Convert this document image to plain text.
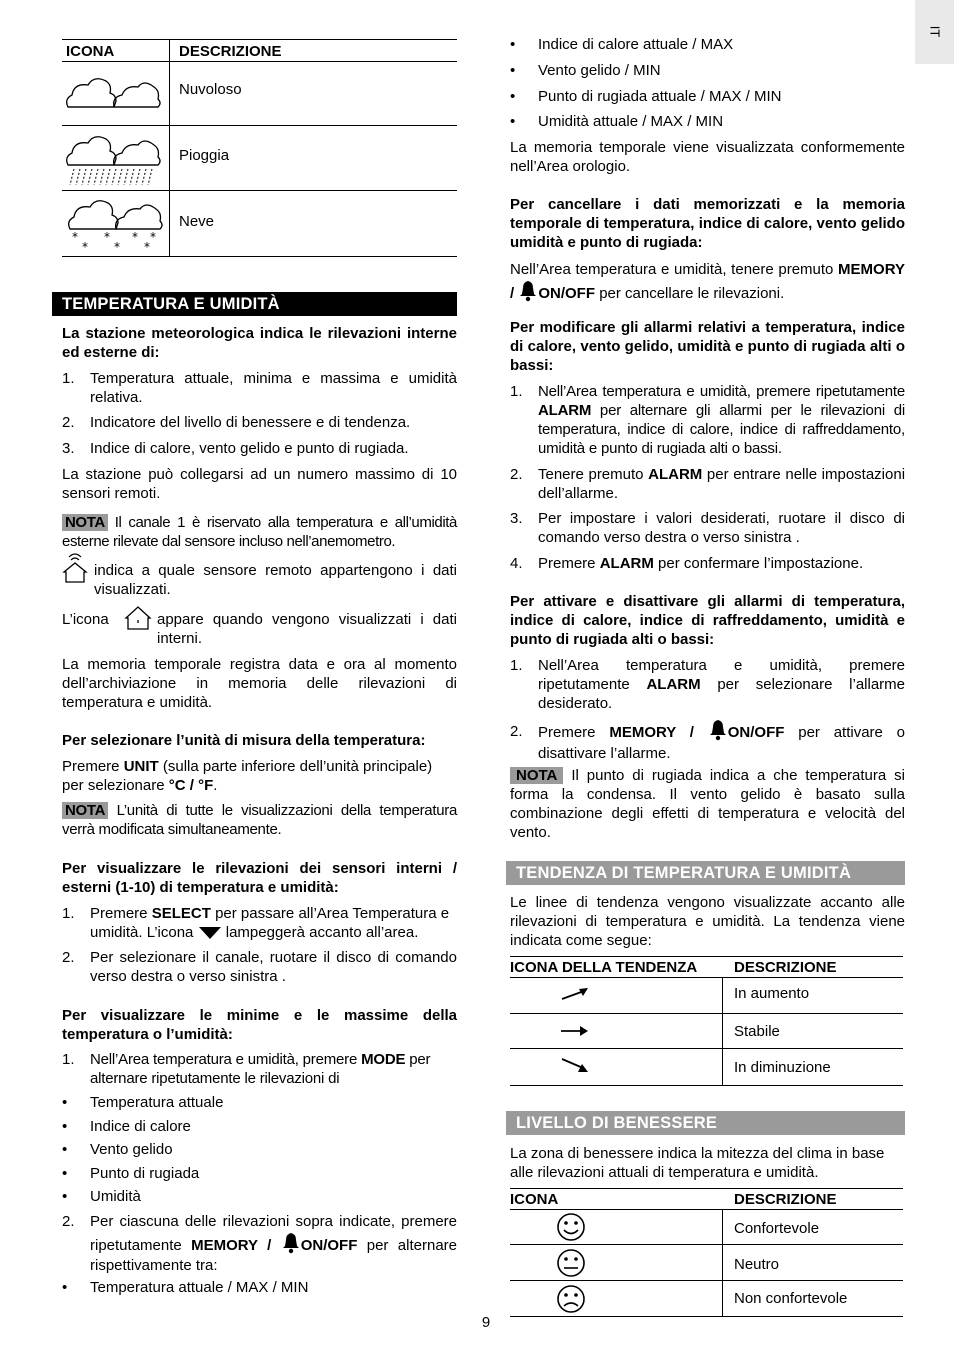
IT
ICONA	DESCRIZIONE
Nuvoloso
Pioggia
*
*
*
*
*
*
*
Neve
TEMPERATURA E UMIDITÀ

La stazione meteorologica indica le rilevazioni interne ed esterne di:

1. Temperatura attuale, minima e massima e umidità relativa.
2. Indicatore del livello di benessere e di tendenza.
3. Indice di calore, vento gelido e punto di rugiada.

La stazione può collegarsi ad un numero massimo di 10 sensori remoti.

NOTA Il canale 1 è riservato alla temperatura e all’umidità esterne rilevate dal sensore incluso nell’anemometro.

indica a quale sensore remoto appartengono i dati visualizzati.

L’icona	appare quando vengono visualizzati i dati interni.

La memoria temporale registra data e ora al momento dell’archiviazione in memoria delle rilevazioni di temperatura e umidità.

Per selezionare l’unità di misura della temperatura:

Premere UNIT (sulla parte inferiore dell’unità principale) per selezionare °C / °F.

NOTA L’unità di tutte le visualizzazioni della temperatura verrà modificata simultaneamente.

Per visualizzare le rilevazioni dei sensori interni / esterni (1-10) di temperatura e umidità:

1. Premere SELECT per passare all’Area Temperatura e umidità. L’icona lampeggerà accanto all’area.
2. Per selezionare il canale, ruotare il disco di comando verso destra o verso sinistra .

Per visualizzare le minime e le massime della temperatura o l’umidità:

1. Nell’Area temperatura e umidità, premere MODE per alternare ripetutamente le rilevazioni di
• Temperatura attuale
• Indice di calore
• Vento gelido
• Punto di rugiada
• Umidità
2. Per ciascuna delle rilevazioni sopra indicate, premere ripetutamente MEMORY / ON/OFF per alternare rispettivamente tra:
• Temperatura attuale / MAX / MIN
• Indice di calore attuale / MAX
• Vento gelido / MIN
• Punto di rugiada attuale / MAX / MIN
• Umidità attuale / MAX / MIN

La memoria temporale viene visualizzata conformemente nell’Area orologio.

Per cancellare i dati memorizzati e la memoria temporale di temperatura, indice di calore, vento gelido umidità e punto di rugiada:

Nell’Area temperatura e umidità, tenere premuto MEMORY / ON/OFF per cancellare le rilevazioni.

Per modificare gli allarmi relativi a temperatura, indice di calore, vento gelido, umidità e punto di rugiada alti o bassi:

1. Nell’Area temperatura e umidità, premere ripetutamente ALARM per alternare gli allarmi per le rilevazioni di temperatura, indice di calore, indice di raffreddamento, umidità e punto di rugiada alti o bassi.
2. Tenere premuto ALARM per entrare nelle impostazioni dell’allarme.
3. Per impostare i valori desiderati, ruotare il disco di comando verso destra o verso sinistra .
4. Premere ALARM per confermare l’impostazione.

Per attivare e disattivare gli allarmi di temperatura, indice di calore, indice di raffreddamento, umidità e punto di rugiada alti o bassi:

1. Nell’Area temperatura e umidità, premere ripetutamente ALARM per selezionare l’allarme desiderato.
2. Premere MEMORY / ON/OFF per attivare o disattivare l’allarme.

NOTA Il punto di rugiada indica a che temperatura si forma la condensa. Il vento gelido è basato sulla combinazione degli effetti di temperatura e velocità del vento.

TENDENZA DI TEMPERATURA E UMIDITÀ

Le linee di tendenza vengono visualizzate accanto alle rilevazioni di temperatura e umidità. La tendenza viene indicata come segue:

ICONA DELLA TENDENZA DESCRIZIONE
In aumento
Stabile
In diminuzione
LIVELLO DI BENESSERE

La zona di benessere indica la mitezza del clima in base alle rilevazioni attuali di temperatura e umidità.

ICONA	DESCRIZIONE
Confortevole
Neutro
Non confortevole
9
